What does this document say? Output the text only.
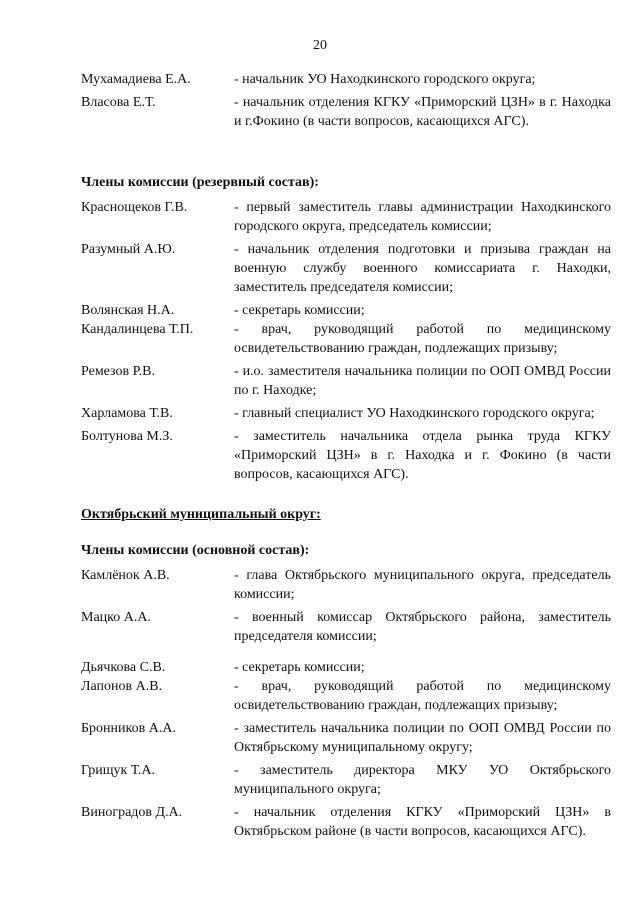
20
Мухамадиева Е.А.	- начальник УО Находкинского городского округа;
Власова Е.Т.	- начальник отделения КГКУ «Приморский ЦЗН» в г. Находка и г.Фокино (в части вопросов, касающихся АГС).
Члены комиссии (резервный состав):
Краснощеков Г.В.	- первый заместитель главы администрации Находкинского городского округа, председатель комиссии;
Разумный А.Ю.	- начальник отделения подготовки и призыва граждан на военную службу военного комиссариата г. Находки, заместитель председателя комиссии;
Волянская Н.А.	- секретарь комиссии;
Кандалинцева Т.П.	- врач, руководящий работой по медицинскому освидетельствованию граждан, подлежащих призыву;
Ремезов Р.В.	- и.о. заместителя начальника полиции по ООП ОМВД России по г. Находке;
Харламова Т.В.	- главный специалист УО Находкинского городского округа;
Болтунова М.З.	- заместитель начальника отдела рынка труда КГКУ «Приморский ЦЗН» в г. Находка и г. Фокино (в части вопросов, касающихся АГС).
Октябрьский муниципальный округ:
Члены комиссии (основной состав):
Камлёнок А.В.	- глава Октябрьского муниципального округа, председатель комиссии;
Мацко А.А.	- военный комиссар Октябрьского района, заместитель председателя комиссии;
Дьячкова С.В.	- секретарь комиссии;
Лапонов А.В.	- врач, руководящий работой по медицинскому освидетельствованию граждан, подлежащих призыву;
Бронников А.А.	- заместитель начальника полиции по ООП ОМВД России по Октябрьскому муниципальному округу;
Грищук Т.А.	- заместитель директора МКУ УО Октябрьского муниципального округа;
Виноградов Д.А.	- начальник отделения КГКУ «Приморский ЦЗН» в Октябрьском районе (в части вопросов, касающихся АГС).
